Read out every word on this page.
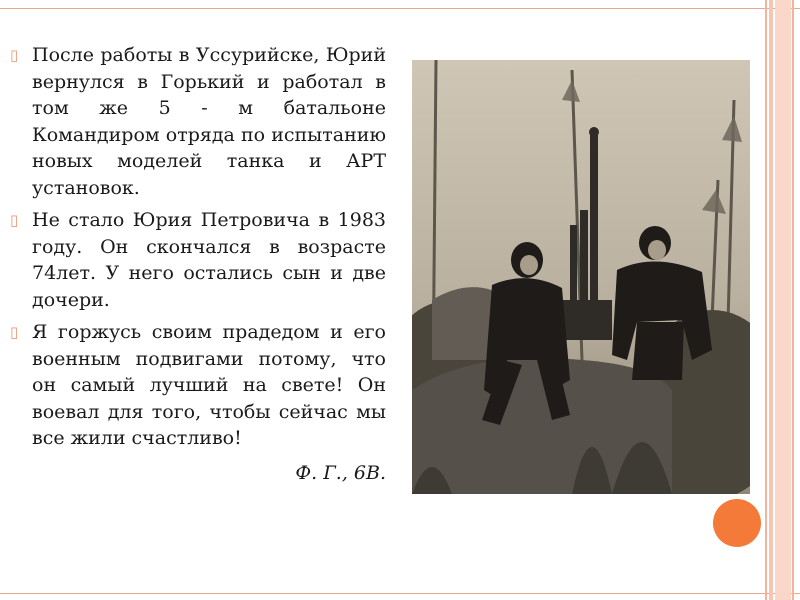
▯ После работы в Уссурийске, Юрий вернулся в Горький и работал в том же 5 - м батальоне Командиром отряда по испытанию новых моделей танка и АРТ установок.

▯ Не стало Юрия Петровича в 1983 году. Он скончался в возрасте 74лет. У него остались сын и две дочери.

▯ Я горжусь своим прадедом и его военным подвигами потому, что он самый лучший на свете! Он воевал для того, чтобы сейчас мы все жили счастливо!

Ф. Г., 6В.
